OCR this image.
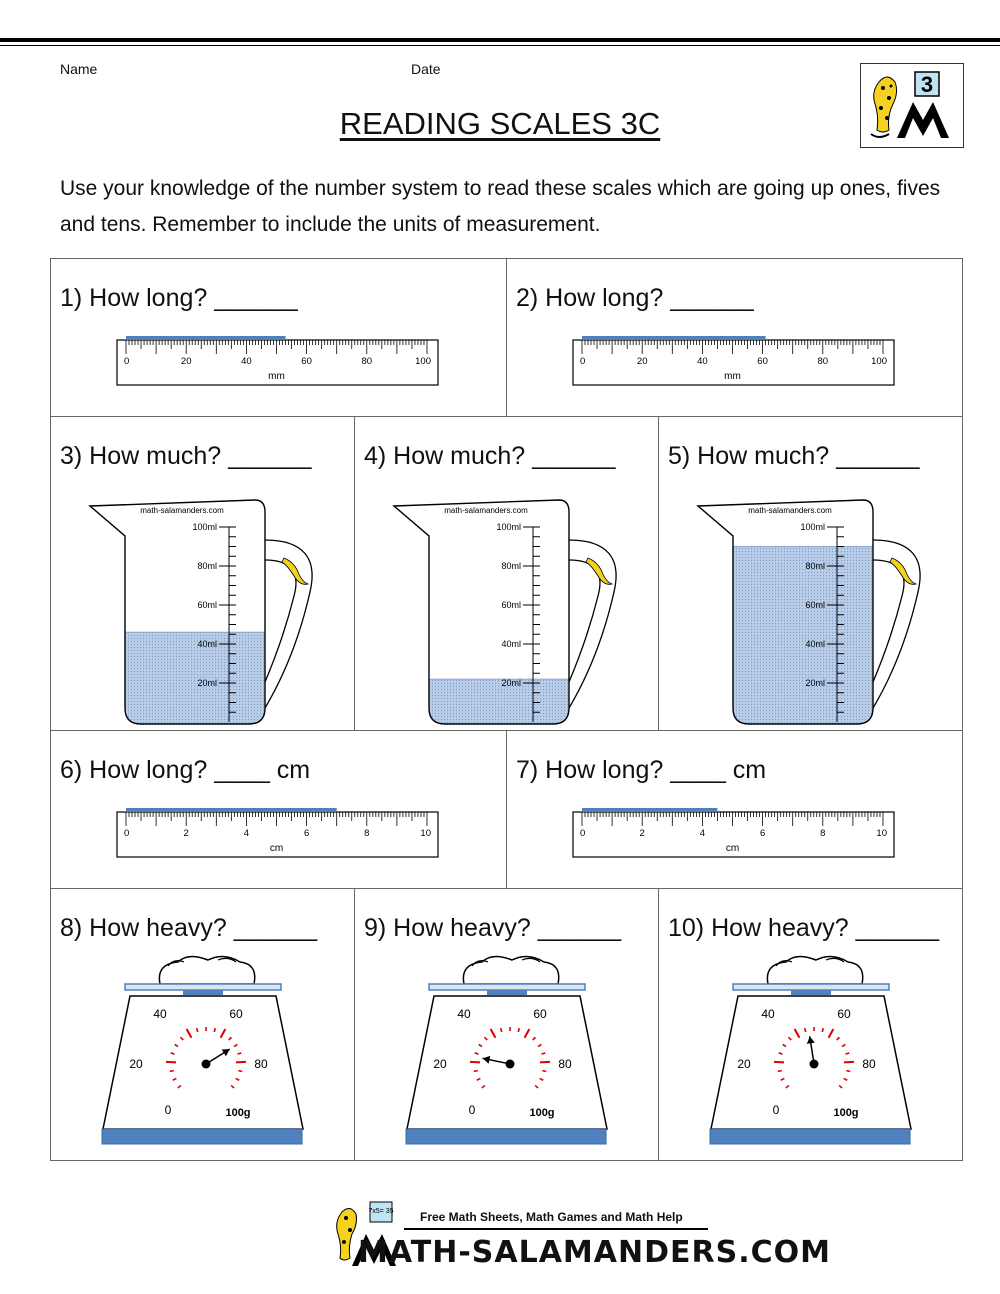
Name	Date
READING SCALES 3C
3
Use your knowledge of the number system to read these scales which are going up ones, fives and tens. Remember to include the units of measurement.
1) How long? ______	2) How long? ______
3) How much? ______ 4) How much? ______ 5) How much? ______
6) How long? ____ cm	7) How long? ____ cm
8) How heavy? ______ 9) How heavy? ______ 10) How heavy? ______
0	20	40	60	80	100
mm
0	20	40	60	80	100
mm
0	2	4	6	8	10
cm
0	2	4	6	8	10
cm
math-salamanders.com
100ml
80ml
60ml
40ml
20ml
math-salamanders.com
100ml
80ml
60ml
40ml
20ml
math-salamanders.com
100ml
80ml
60ml
40ml
20ml
0
20
40	60
80
100g	0
20
40	60
80
100g	0
20
40	60
80
100g
7x5= 35 Free Math Sheets, Math Games and Math Help
MATH-SALAMANDERS.COM
